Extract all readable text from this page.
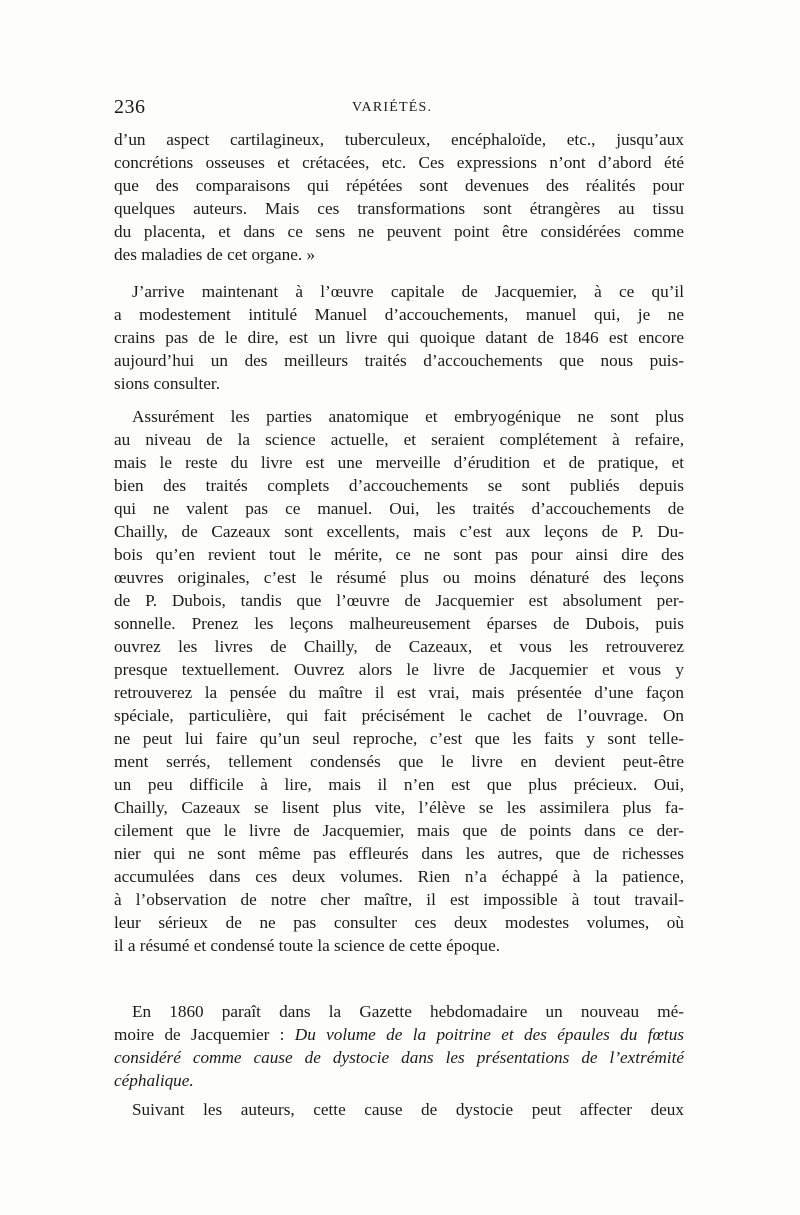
236	VARIÉTÉS.
d’un aspect cartilagineux, tuberculeux, encéphaloïde, etc., jusqu’aux
concrétions osseuses et crétacées, etc. Ces expressions n’ont d’abord été
que des comparaisons qui répétées sont devenues des réalités pour
quelques auteurs. Mais ces transformations sont étrangères au tissu
du placenta, et dans ce sens ne peuvent point être considérées comme
des maladies de cet organe. »
J’arrive maintenant à l’œuvre capitale de Jacquemier, à ce qu’il
a modestement intitulé Manuel d’accouchements, manuel qui, je ne
crains pas de le dire, est un livre qui quoique datant de 1846 est encore
aujourd’hui un des meilleurs traités d’accouchements que nous puis-
sions consulter.
Assurément les parties anatomique et embryogénique ne sont plus
au niveau de la science actuelle, et seraient complétement à refaire,
mais le reste du livre est une merveille d’érudition et de pratique, et
bien des traités complets d’accouchements se sont publiés depuis
qui ne valent pas ce manuel. Oui, les traités d’accouchements de
Chailly, de Cazeaux sont excellents, mais c’est aux leçons de P. Du-
bois qu’en revient tout le mérite, ce ne sont pas pour ainsi dire des
œuvres originales, c’est le résumé plus ou moins dénaturé des leçons
de P. Dubois, tandis que l’œuvre de Jacquemier est absolument per-
sonnelle. Prenez les leçons malheureusement éparses de Dubois, puis
ouvrez les livres de Chailly, de Cazeaux, et vous les retrouverez
presque textuellement. Ouvrez alors le livre de Jacquemier et vous y
retrouverez la pensée du maître il est vrai, mais présentée d’une façon
spéciale, particulière, qui fait précisément le cachet de l’ouvrage. On
ne peut lui faire qu’un seul reproche, c’est que les faits y sont telle-
ment serrés, tellement condensés que le livre en devient peut-être
un peu difficile à lire, mais il n’en est que plus précieux. Oui,
Chailly, Cazeaux se lisent plus vite, l’élève se les assimilera plus fa-
cilement que le livre de Jacquemier, mais que de points dans ce der-
nier qui ne sont même pas effleurés dans les autres, que de richesses
accumulées dans ces deux volumes. Rien n’a échappé à la patience,
à l’observation de notre cher maître, il est impossible à tout travail-
leur sérieux de ne pas consulter ces deux modestes volumes, où
il a résumé et condensé toute la science de cette époque.
En 1860 paraît dans la Gazette hebdomadaire un nouveau mé-
moire de Jacquemier : Du volume de la poitrine et des épaules du fœtus
considéré comme cause de dystocie dans les présentations de l’extrémité
céphalique.
Suivant les auteurs, cette cause de dystocie peut affecter deux
